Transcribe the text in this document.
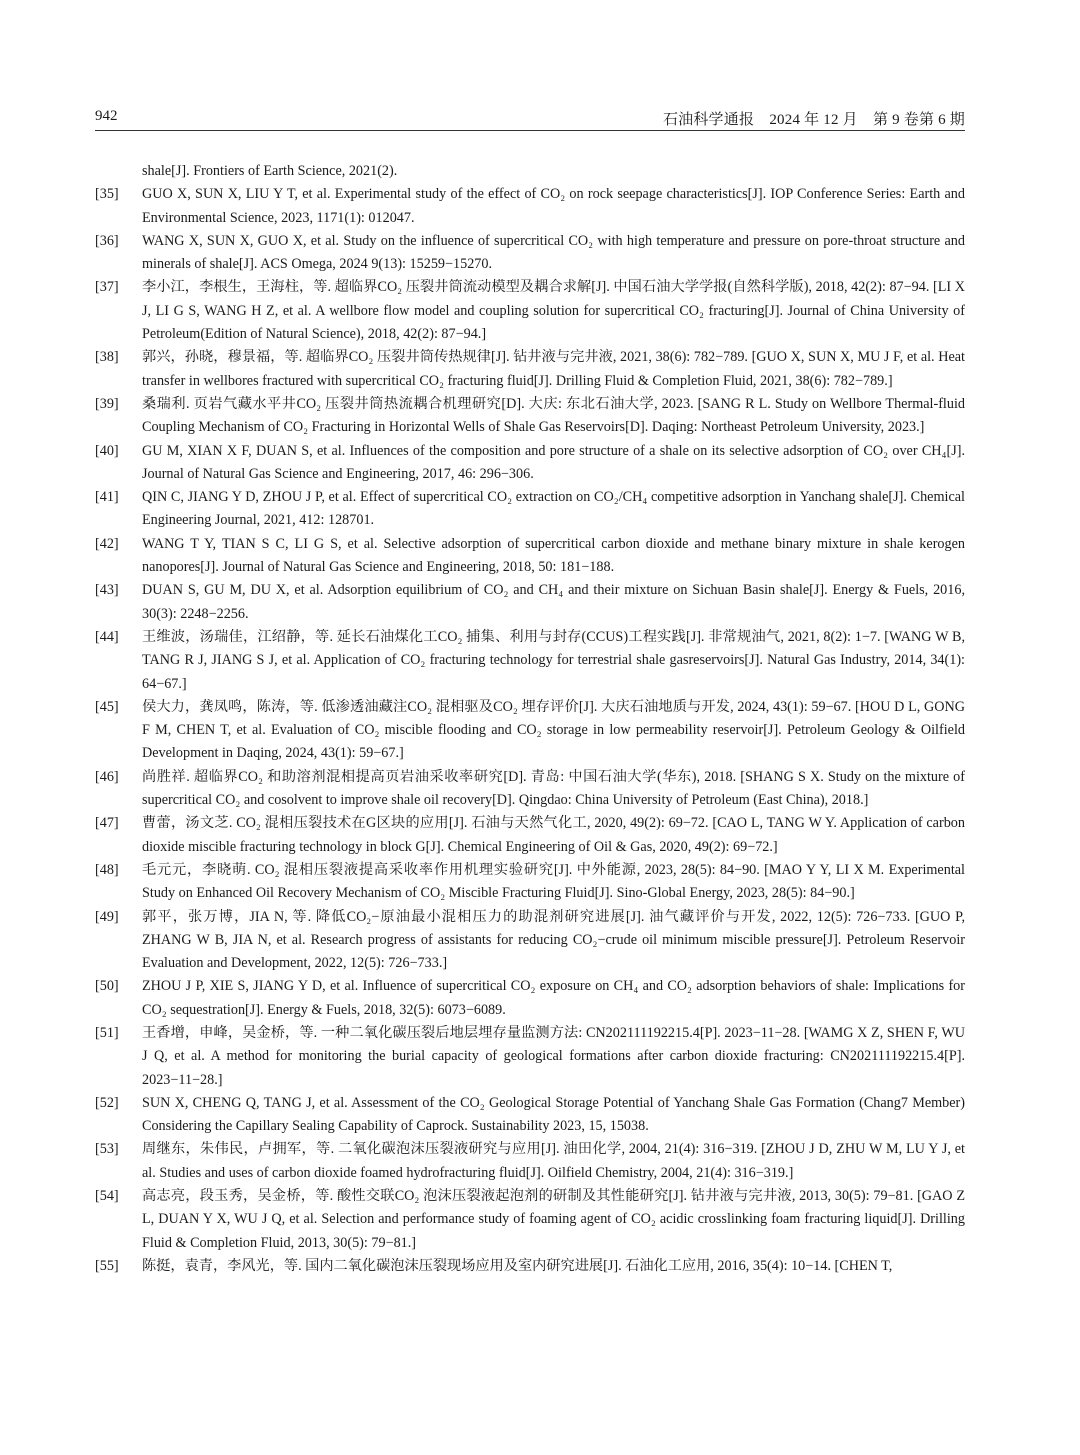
942	石油科学通报　2024 年 12 月　第 9 卷第 6 期
shale[J]. Frontiers of Earth Science, 2021(2).
[35] GUO X, SUN X, LIU Y T, et al. Experimental study of the effect of CO₂ on rock seepage characteristics[J]. IOP Conference Series: Earth and Environmental Science, 2023, 1171(1): 012047.
[36] WANG X, SUN X, GUO X, et al. Study on the influence of supercritical CO₂ with high temperature and pressure on pore-throat structure and minerals of shale[J]. ACS Omega, 2024 9(13): 15259−15270.
[37] 李小江，李根生，王海柱，等. 超临界CO₂ 压裂井筒流动模型及耦合求解[J]. 中国石油大学学报(自然科学版), 2018, 42(2): 87−94. [LI X J, LI G S, WANG H Z, et al. A wellbore flow model and coupling solution for supercritical CO₂ fracturing[J]. Journal of China University of Petroleum(Edition of Natural Science), 2018, 42(2): 87−94.]
[38] 郭兴，孙晓，穆景福，等. 超临界CO₂ 压裂井筒传热规律[J]. 钻井液与完井液, 2021, 38(6): 782−789. [GUO X, SUN X, MU J F, et al. Heat transfer in wellbores fractured with supercritical CO₂ fracturing fluid[J]. Drilling Fluid & Completion Fluid, 2021, 38(6): 782−789.]
[39] 桑瑞利. 页岩气藏水平井CO₂ 压裂井筒热流耦合机理研究[D]. 大庆: 东北石油大学, 2023. [SANG R L. Study on Wellbore Thermal-fluid Coupling Mechanism of CO₂ Fracturing in Horizontal Wells of Shale Gas Reservoirs[D]. Daqing: Northeast Petroleum University, 2023.]
[40] GU M, XIAN X F, DUAN S, et al. Influences of the composition and pore structure of a shale on its selective adsorption of CO₂ over CH₄[J]. Journal of Natural Gas Science and Engineering, 2017, 46: 296−306.
[41] QIN C, JIANG Y D, ZHOU J P, et al. Effect of supercritical CO₂ extraction on CO₂/CH₄ competitive adsorption in Yanchang shale[J]. Chemical Engineering Journal, 2021, 412: 128701.
[42] WANG T Y, TIAN S C, LI G S, et al. Selective adsorption of supercritical carbon dioxide and methane binary mixture in shale kerogen nanopores[J]. Journal of Natural Gas Science and Engineering, 2018, 50: 181−188.
[43] DUAN S, GU M, DU X, et al. Adsorption equilibrium of CO₂ and CH₄ and their mixture on Sichuan Basin shale[J]. Energy & Fuels, 2016, 30(3): 2248−2256.
[44] 王维波，汤瑞佳，江绍静，等. 延长石油煤化工CO₂ 捕集、利用与封存(CCUS)工程实践[J]. 非常规油气, 2021, 8(2): 1−7. [WANG W B, TANG R J, JIANG S J, et al. Application of CO₂ fracturing technology for terrestrial shale gasreservoirs[J]. Natural Gas Industry, 2014, 34(1): 64−67.]
[45] 侯大力，龚凤鸣，陈涛，等. 低渗透油藏注CO₂ 混相驱及CO₂ 埋存评价[J]. 大庆石油地质与开发, 2024, 43(1): 59−67. [HOU D L, GONG F M, CHEN T, et al. Evaluation of CO₂ miscible flooding and CO₂ storage in low permeability reservoir[J]. Petroleum Geology & Oilfield Development in Daqing, 2024, 43(1): 59−67.]
[46] 尚胜祥. 超临界CO₂ 和助溶剂混相提高页岩油采收率研究[D]. 青岛: 中国石油大学(华东), 2018. [SHANG S X. Study on the mixture of supercritical CO₂ and cosolvent to improve shale oil recovery[D]. Qingdao: China University of Petroleum (East China), 2018.]
[47] 曹蕾，汤文芝. CO₂ 混相压裂技术在G区块的应用[J]. 石油与天然气化工, 2020, 49(2): 69−72. [CAO L, TANG W Y. Application of carbon dioxide miscible fracturing technology in block G[J]. Chemical Engineering of Oil & Gas, 2020, 49(2): 69−72.]
[48] 毛元元，李晓萌. CO₂ 混相压裂液提高采收率作用机理实验研究[J]. 中外能源, 2023, 28(5): 84−90. [MAO Y Y, LI X M. Experimental Study on Enhanced Oil Recovery Mechanism of CO₂ Miscible Fracturing Fluid[J]. Sino-Global Energy, 2023, 28(5): 84−90.]
[49] 郭平，张万博，JIA N, 等. 降低CO₂−原油最小混相压力的助混剂研究进展[J]. 油气藏评价与开发, 2022, 12(5): 726−733. [GUO P, ZHANG W B, JIA N, et al. Research progress of assistants for reducing CO₂−crude oil minimum miscible pressure[J]. Petroleum Reservoir Evaluation and Development, 2022, 12(5): 726−733.]
[50] ZHOU J P, XIE S, JIANG Y D, et al. Influence of supercritical CO₂ exposure on CH₄ and CO₂ adsorption behaviors of shale: Implications for CO₂ sequestration[J]. Energy & Fuels, 2018, 32(5): 6073−6089.
[51] 王香增，申峰，吴金桥，等. 一种二氧化碳压裂后地层埋存量监测方法: CN202111192215.4[P]. 2023−11−28. [WAMG X Z, SHEN F, WU J Q, et al. A method for monitoring the burial capacity of geological formations after carbon dioxide fracturing: CN202111192215.4[P]. 2023−11−28.]
[52] SUN X, CHENG Q, TANG J, et al. Assessment of the CO₂ Geological Storage Potential of Yanchang Shale Gas Formation (Chang7 Member) Considering the Capillary Sealing Capability of Caprock. Sustainability 2023, 15, 15038.
[53] 周继东，朱伟民，卢拥军，等. 二氧化碳泡沫压裂液研究与应用[J]. 油田化学, 2004, 21(4): 316−319. [ZHOU J D, ZHU W M, LU Y J, et al. Studies and uses of carbon dioxide foamed hydrofracturing fluid[J]. Oilfield Chemistry, 2004, 21(4): 316−319.]
[54] 高志亮，段玉秀，吴金桥，等. 酸性交联CO₂ 泡沫压裂液起泡剂的研制及其性能研究[J]. 钻井液与完井液, 2013, 30(5): 79−81. [GAO Z L, DUAN Y X, WU J Q, et al. Selection and performance study of foaming agent of CO₂ acidic crosslinking foam fracturing liquid[J]. Drilling Fluid & Completion Fluid, 2013, 30(5): 79−81.]
[55] 陈挺，袁青，李风光，等. 国内二氧化碳泡沫压裂现场应用及室内研究进展[J]. 石油化工应用, 2016, 35(4): 10−14. [CHEN T,
